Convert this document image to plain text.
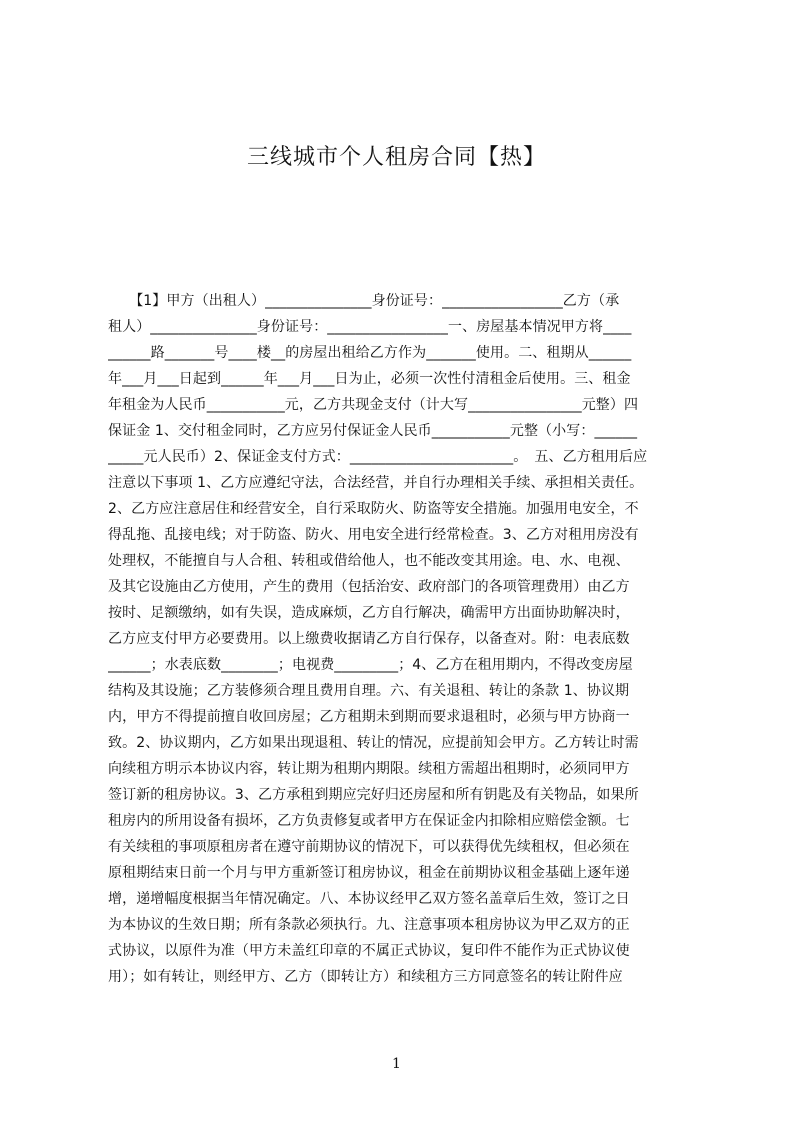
三线城市个人租房合同【热】
　　【1】甲方（出租人）_______________身份证号：_________________乙方（承
租人）_______________身份证号：_________________一、房屋基本情况甲方将____
______路_______号____楼__的房屋出租给乙方作为_______使用。二、租期从______
年___月___日起到______年___月___日为止，必须一次性付清租金后使用。三、租金
年租金为人民币___________元，乙方共现金支付（计大写________________元整）四
保证金 1、交付租金同时，乙方应另付保证金人民币___________元整（小写：______
_____元人民币）2、保证金支付方式：_______________________。　五、乙方租用后应
注意以下事项 1、乙方应遵纪守法，合法经营，并自行办理相关手续、承担相关责任。
2、乙方应注意居住和经营安全，自行采取防火、防盗等安全措施。加强用电安全，不
得乱拖、乱接电线；对于防盗、防火、用电安全进行经常检查。3、乙方对租用房没有
处理权，不能擅自与人合租、转租或借给他人，也不能改变其用途。电、水、电视、
及其它设施由乙方使用，产生的费用（包括治安、政府部门的各项管理费用）由乙方
按时、足额缴纳，如有失误，造成麻烦，乙方自行解决，确需甲方出面协助解决时，
乙方应支付甲方必要费用。以上缴费收据请乙方自行保存，以备查对。附：电表底数
______；水表底数________；电视费_________；4、乙方在租用期内，不得改变房屋
结构及其设施；乙方装修须合理且费用自理。六、有关退租、转让的条款 1、协议期
内，甲方不得提前擅自收回房屋；乙方租期未到期而要求退租时，必须与甲方协商一
致。2、协议期内，乙方如果出现退租、转让的情况，应提前知会甲方。乙方转让时需
向续租方明示本协议内容，转让期为租期内期限。续租方需超出租期时，必须同甲方
签订新的租房协议。3、乙方承租到期应完好归还房屋和所有钥匙及有关物品，如果所
租房内的所用设备有损坏，乙方负责修复或者甲方在保证金内扣除相应赔偿金额。七
有关续租的事项原租房者在遵守前期协议的情况下，可以获得优先续租权，但必须在
原租期结束日前一个月与甲方重新签订租房协议，租金在前期协议租金基础上逐年递
增，递增幅度根据当年情况确定。八、本协议经甲乙双方签名盖章后生效，签订之日
为本协议的生效日期；所有条款必须执行。九、注意事项本租房协议为甲乙双方的正
式协议，以原件为准（甲方未盖红印章的不属正式协议，复印件不能作为正式协议使
用）；如有转让，则经甲方、乙方（即转让方）和续租方三方同意签名的转让附件应
1
